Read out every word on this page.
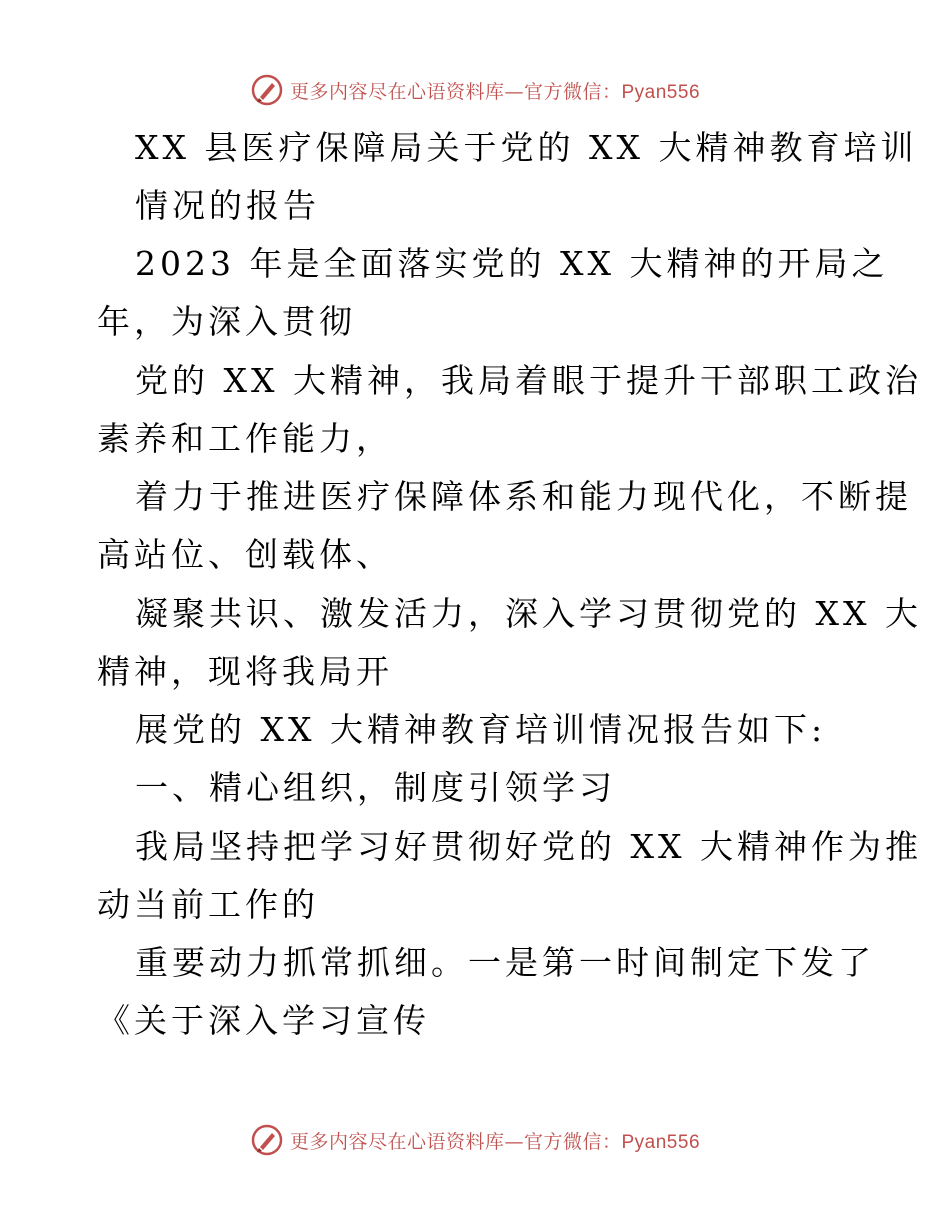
更多内容尽在心语资料库—官方微信：Pyan556
XX 县医疗保障局关于党的 XX 大精神教育培训
情况的报告
2023 年是全面落实党的 XX 大精神的开局之
年，为深入贯彻
党的 XX 大精神，我局着眼于提升干部职工政治
素养和工作能力，
着力于推进医疗保障体系和能力现代化，不断提
高站位、创载体、
凝聚共识、激发活力，深入学习贯彻党的 XX 大
精神，现将我局开
展党的 XX 大精神教育培训情况报告如下:
一、精心组织，制度引领学习
我局坚持把学习好贯彻好党的 XX 大精神作为推
动当前工作的
重要动力抓常抓细。一是第一时间制定下发了
《关于深入学习宣传
更多内容尽在心语资料库—官方微信：Pyan556
